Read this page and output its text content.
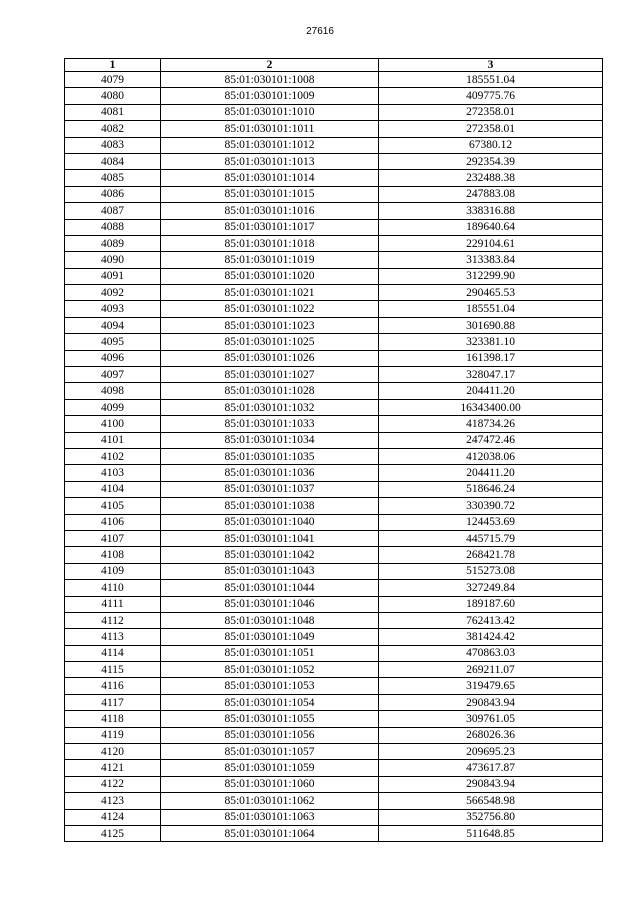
27616
1	2	3
4079	85:01:030101:1008	185551.04
4080	85:01:030101:1009	409775.76
4081	85:01:030101:1010	272358.01
4082	85:01:030101:1011	272358.01
4083	85:01:030101:1012	67380.12
4084	85:01:030101:1013	292354.39
4085	85:01:030101:1014	232488.38
4086	85:01:030101:1015	247883.08
4087	85:01:030101:1016	338316.88
4088	85:01:030101:1017	189640.64
4089	85:01:030101:1018	229104.61
4090	85:01:030101:1019	313383.84
4091	85:01:030101:1020	312299.90
4092	85:01:030101:1021	290465.53
4093	85:01:030101:1022	185551.04
4094	85:01:030101:1023	301690.88
4095	85:01:030101:1025	323381.10
4096	85:01:030101:1026	161398.17
4097	85:01:030101:1027	328047.17
4098	85:01:030101:1028	204411.20
4099	85:01:030101:1032	16343400.00
4100	85:01:030101:1033	418734.26
4101	85:01:030101:1034	247472.46
4102	85:01:030101:1035	412038.06
4103	85:01:030101:1036	204411.20
4104	85:01:030101:1037	518646.24
4105	85:01:030101:1038	330390.72
4106	85:01:030101:1040	124453.69
4107	85:01:030101:1041	445715.79
4108	85:01:030101:1042	268421.78
4109	85:01:030101:1043	515273.08
4110	85:01:030101:1044	327249.84
4111	85:01:030101:1046	189187.60
4112	85:01:030101:1048	762413.42
4113	85:01:030101:1049	381424.42
4114	85:01:030101:1051	470863.03
4115	85:01:030101:1052	269211.07
4116	85:01:030101:1053	319479.65
4117	85:01:030101:1054	290843.94
4118	85:01:030101:1055	309761.05
4119	85:01:030101:1056	268026.36
4120	85:01:030101:1057	209695.23
4121	85:01:030101:1059	473617.87
4122	85:01:030101:1060	290843.94
4123	85:01:030101:1062	566548.98
4124	85:01:030101:1063	352756.80
4125	85:01:030101:1064	511648.85
